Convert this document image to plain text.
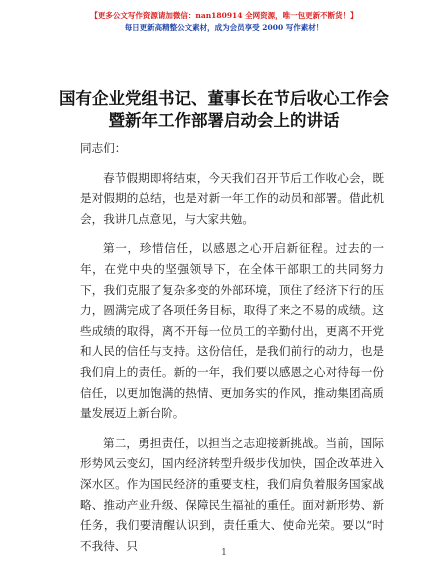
【更多公文写作资源请加微信：nan180914 全网资源，唯一包更新不断货！】
每日更新高精整公文素材，成为会员享受 2000 写作素材！
国有企业党组书记、董事长在节后收心工作会
暨新年工作部署启动会上的讲话

同志们：

春节假期即将结束，今天我们召开节后工作收心会，既是对假期的总结，也是对新一年工作的动员和部署。借此机会，我讲几点意见，与大家共勉。

第一，珍惜信任，以感恩之心开启新征程。过去的一年，在党中央的坚强领导下，在全体干部职工的共同努力下，我们克服了复杂多变的外部环境，顶住了经济下行的压力，圆满完成了各项任务目标，取得了来之不易的成绩。这些成绩的取得，离不开每一位员工的辛勤付出，更离不开党和人民的信任与支持。这份信任，是我们前行的动力，也是我们肩上的责任。新的一年，我们要以感恩之心对待每一份信任，以更加饱满的热情、更加务实的作风，推动集团高质量发展迈上新台阶。

第二，勇担责任，以担当之志迎接新挑战。当前，国际形势风云变幻，国内经济转型升级步伐加快，国企改革进入深水区。作为国民经济的重要支柱，我们肩负着服务国家战略、推动产业升级、保障民生福祉的重任。面对新形势、新任务，我们要清醒认识到，责任重大、使命光荣。要以“时不我待、只

1
